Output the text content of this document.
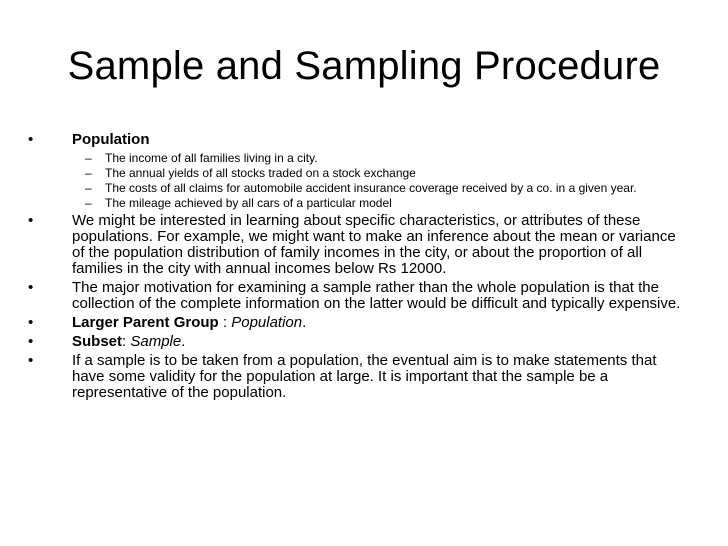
Sample and Sampling Procedure
•	Population
– The income of all families living in a city.
– The annual yields of all stocks traded on a stock exchange
– The costs of all claims for automobile accident insurance coverage received by a co. in a given year.
– The mileage achieved by all cars of a particular model
•	We might be interested in learning about specific characteristics, or attributes of these populations. For example, we might want to make an inference about the mean or variance of the population distribution of family incomes in the city, or about the proportion of all families in the city with annual incomes below Rs 12000.
•	The major motivation for examining a sample rather than the whole population is that the collection of the complete information on the latter would be difficult and typically expensive.
•	Larger Parent Group : Population.
•	Subset: Sample.
•	If a sample is to be taken from a population, the eventual aim is to make statements that have some validity for the population at large. It is important that the sample be a representative of the population.
